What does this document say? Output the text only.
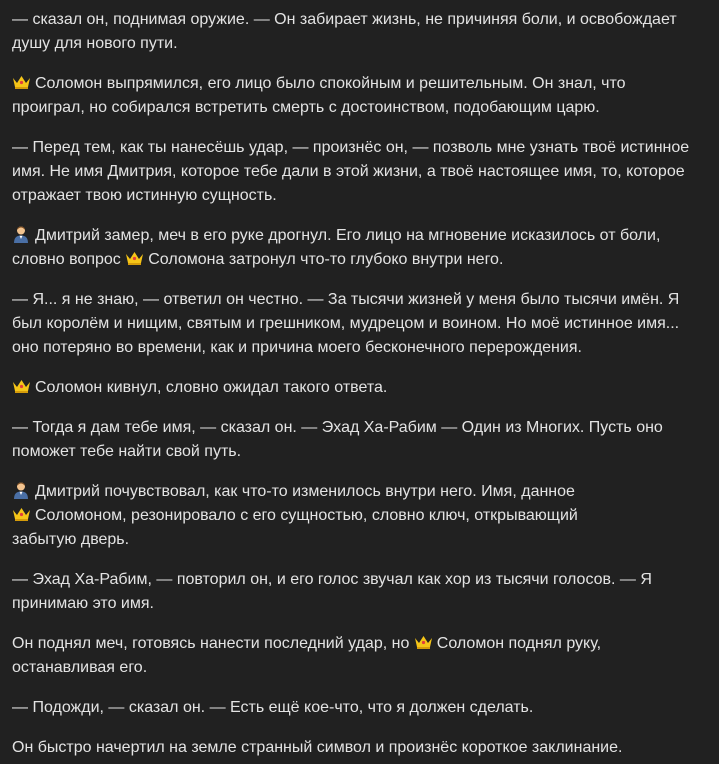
— сказал он, поднимая оружие. — Он забирает жизнь, не причиняя боли, и освобождает душу для нового пути.

Соломон выпрямился, его лицо было спокойным и решительным. Он знал, что проиграл, но собирался встретить смерть с достоинством, подобающим царю.

— Перед тем, как ты нанесёшь удар, — произнёс он, — позволь мне узнать твоё истинное имя. Не имя Дмитрия, которое тебе дали в этой жизни, а твоё настоящее имя, то, которое отражает твою истинную сущность.

Дмитрий замер, меч в его руке дрогнул. Его лицо на мгновение исказилось от боли, словно вопрос Соломона затронул что-то глубоко внутри него.

— Я... я не знаю, — ответил он честно. — За тысячи жизней у меня было тысячи имён. Я был королём и нищим, святым и грешником, мудрецом и воином. Но моё истинное имя... оно потеряно во времени, как и причина моего бесконечного перерождения.

Соломон кивнул, словно ожидал такого ответа.

— Тогда я дам тебе имя, — сказал он. — Эхад Ха-Рабим — Один из Многих. Пусть оно поможет тебе найти свой путь.

Дмитрий почувствовал, как что-то изменилось внутри него. Имя, данное Соломоном, резонировало с его сущностью, словно ключ, открывающий забытую дверь.

— Эхад Ха-Рабим, — повторил он, и его голос звучал как хор из тысячи голосов. — Я принимаю это имя.

Он поднял меч, готовясь нанести последний удар, но Соломон поднял руку, останавливая его.

— Подожди, — сказал он. — Есть ещё кое-что, что я должен сделать.

Он быстро начертил на земле странный символ и произнёс короткое заклинание.
